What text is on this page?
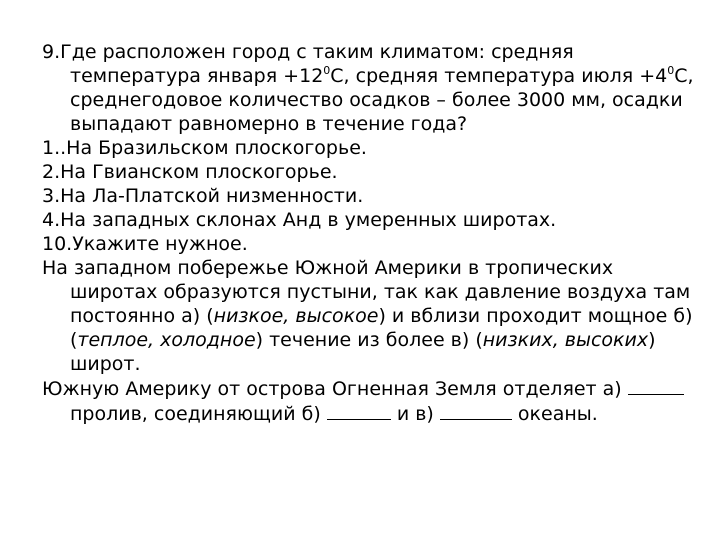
9.Где расположен город с таким климатом: средняя температура января $+12^0С$, средняя температура июля $+4^0С$, среднегодовое количество осадков – более 3000 мм, осадки выпадают равномерно в течение года?

1..На Бразильском плоскогорье.

2.На Гвианском плоскогорье.

3.На Ла-Платской низменности.

4.На западных склонах Анд в умеренных широтах.

10.Укажите нужное.

На западном побережье Южной Америки в тропических широтах образуются пустыни, так как давление воздуха там постоянно а) (низкое, высокое) и вблизи проходит мощное б) (теплое, холодное) течение из более в) (низких, высоких) широт.

Южную Америку от острова Огненная Земля отделяет а)  пролив, соединяющий б)	и в)	океаны.
